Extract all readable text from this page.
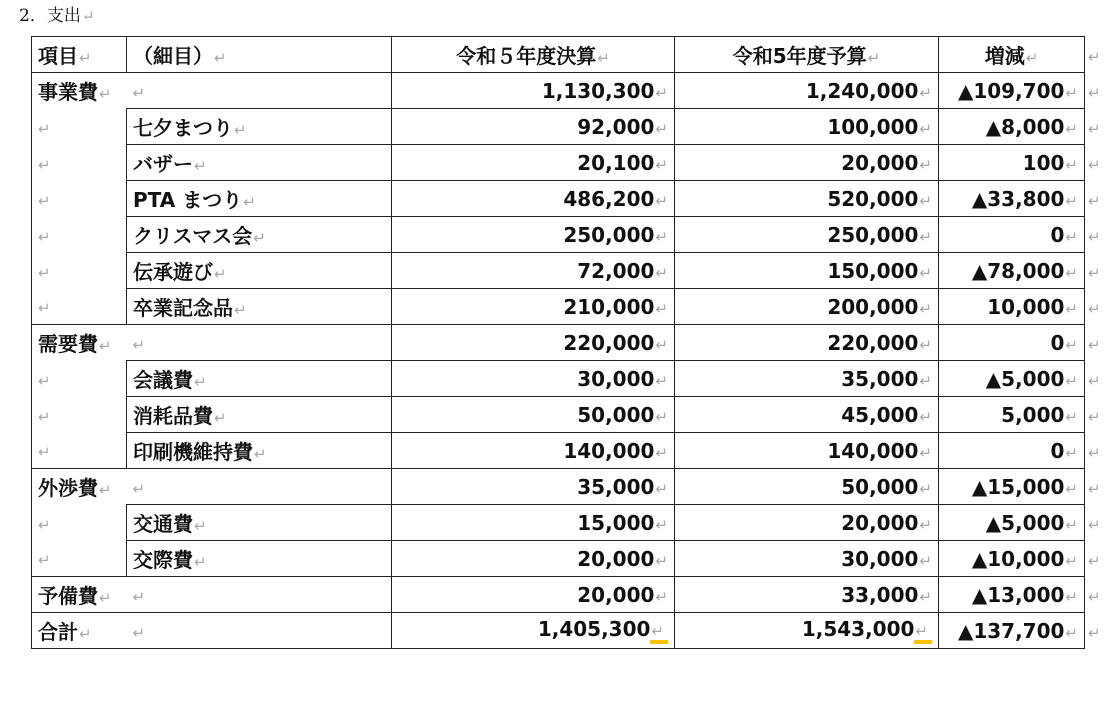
2．支出↵
項目↵	（細目）↵	令和５年度決算↵	令和5年度予算↵	増減↵	↵
事業費↵	↵	1,130,300↵	1,240,000↵	▲109,700↵	↵
↵	七夕まつり↵	92,000↵	100,000↵	▲8,000↵	↵
↵	バザー↵	20,100↵	20,000↵	100↵	↵
↵	PTA まつり↵	486,200↵	520,000↵	▲33,800↵	↵
↵	クリスマス会↵	250,000↵	250,000↵	0↵	↵
↵	伝承遊び↵	72,000↵	150,000↵	▲78,000↵	↵
↵	卒業記念品↵	210,000↵	200,000↵	10,000↵	↵
需要費↵	↵	220,000↵	220,000↵	0↵	↵
↵	会議費↵	30,000↵	35,000↵	▲5,000↵	↵
↵	消耗品費↵	50,000↵	45,000↵	5,000↵	↵
↵	印刷機維持費↵	140,000↵	140,000↵	0↵	↵
外渉費↵	↵	35,000↵	50,000↵	▲15,000↵	↵
↵	交通費↵	15,000↵	20,000↵	▲5,000↵	↵
↵	交際費↵	20,000↵	30,000↵	▲10,000↵	↵
予備費↵	↵	20,000↵	33,000↵	▲13,000↵	↵
合計↵	↵	1,405,300↵	1,543,000↵	▲137,700↵	↵
